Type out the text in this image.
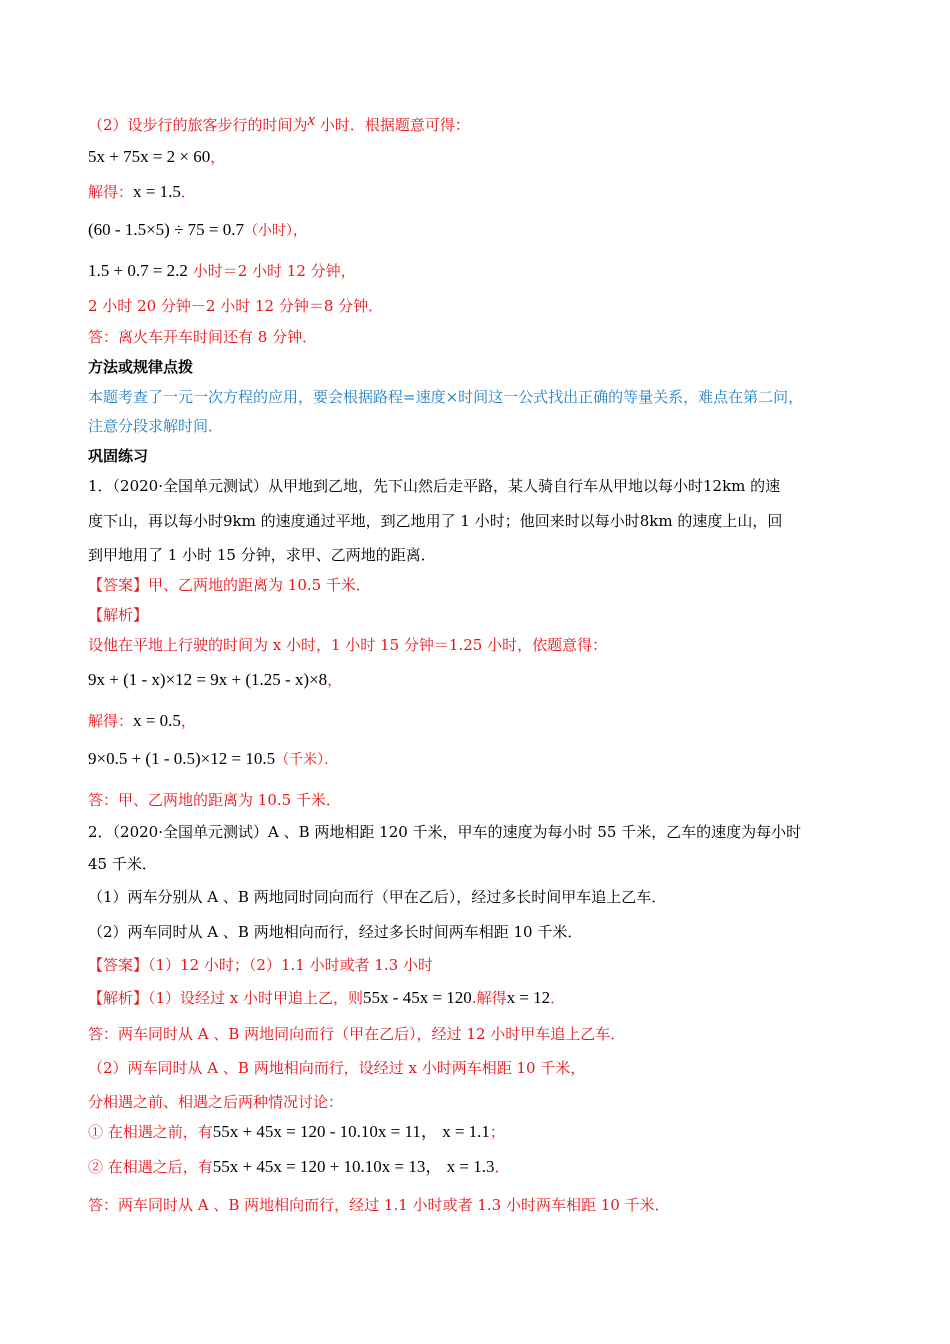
（2）设步行的旅客步行的时间为x 小时．根据题意可得：
5x + 75x = 2 × 60，
解得：x = 1.5．
(60 - 1.5×5) ÷ 75 = 0.7（小时），
1.5 + 0.7 = 2.2 小时＝2 小时 12 分钟，
2 小时 20 分钟－2 小时 12 分钟＝8 分钟．
答：离火车开车时间还有 8 分钟．
方法或规律点拨
本题考查了一元一次方程的应用，要会根据路程=速度×时间这一公式找出正确的等量关系，难点在第二问，
注意分段求解时间．
巩固练习
1．（2020·全国单元测试）从甲地到乙地，先下山然后走平路，某人骑自行车从甲地以每小时12km 的速
度下山，再以每小时9km 的速度通过平地，到乙地用了 1 小时；他回来时以每小时8km 的速度上山，回
到甲地用了 1 小时 15 分钟，求甲、乙两地的距离．
【答案】甲、乙两地的距离为 10.5 千米．
【解析】
设他在平地上行驶的时间为 x 小时，1 小时 15 分钟＝1.25 小时，依题意得：
9x + (1 - x)×12 = 9x + (1.25 - x)×8，
解得：x = 0.5，
9×0.5 + (1 - 0.5)×12 = 10.5（千米）．
答：甲、乙两地的距离为 10.5 千米．
2．（2020·全国单元测试）A 、B 两地相距 120 千米，甲车的速度为每小时 55 千米，乙车的速度为每小时
45 千米．
（1）两车分别从 A 、B 两地同时同向而行（甲在乙后），经过多长时间甲车追上乙车．
（2）两车同时从 A 、B 两地相向而行，经过多长时间两车相距 10 千米．
【答案】（1）12 小时；（2）1.1 小时或者 1.3 小时
【解析】（1）设经过 x 小时甲追上乙，则55x - 45x = 120.解得x = 12．
答：两车同时从 A 、B 两地同向而行（甲在乙后），经过 12 小时甲车追上乙车．
（2）两车同时从 A 、B 两地相向而行，设经过 x 小时两车相距 10 千米，
分相遇之前、相遇之后两种情况讨论：
① 在相遇之前，有55x + 45x = 120 - 10.10x = 11， x = 1.1；
② 在相遇之后，有55x + 45x = 120 + 10.10x = 13， x = 1.3．
答：两车同时从 A 、B 两地相向而行，经过 1.1 小时或者 1.3 小时两车相距 10 千米．
